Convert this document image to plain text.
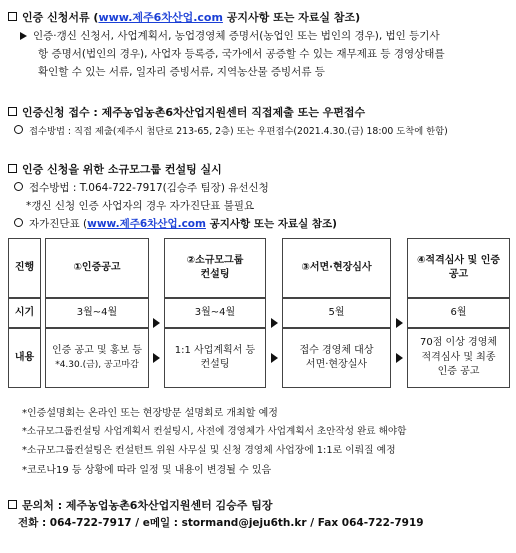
인증 신청서류 (www.제주6차산업.com 공지사항 또는 자료실 참조)
인증·갱신 신청서, 사업계획서, 농업경영체 증명서(농업인 또는 법인의 경우), 법인 등기사
항 증명서(법인의 경우), 사업자 등록증, 국가에서 공증할 수 있는 재무제표 등 경영상태를
확인할 수 있는 서류, 일자리 증빙서류, 지역농산물 증빙서류 등
인증신청 접수 : 제주농업농촌6차산업지원센터 직접제출 또는 우편접수
접수방법 : 직접 제출(제주시 첨단로 213-65, 2층) 또는 우편접수(2021.4.30.(금) 18:00 도착에 한함)
인증 신청을 위한 소규모그룹 컨설팅 실시
접수방법 : T.064-722-7917(김승주 팀장) 유선신청
*갱신 신청 인증 사업자의 경우 자가진단표 불필요
자가진단표 (www.제주6차산업.com 공지사항 또는 자료실 참조)
진행
시기
내용
①인증공고
3월~4월
인증 공고 및 홍보 등
*4.30.(금), 공고마감
②소규모그룹
컨설팅
3월~4월
1:1 사업계획서 등
컨설팅
③서면·현장심사
5월
접수 경영체 대상
서면·현장실사
④적격심사 및 인증
공고
6월
70점 이상 경영체
적격심사 및 최종
인증 공고
*인증설명회는 온라인 또는 현장방문 설명회로 개최할 예정
*소규모그룹컨설팅 사업계획서 컨설팅시, 사전에 경영체가 사업계획서 초안작성 완료 해야함
*소규모그룹컨설팅은 컨설턴트 위원 사무실 및 신청 경영체 사업장에 1:1로 이뤄질 예정
*코로나19 등 상황에 따라 일정 및 내용이 변경될 수 있음
문의처 : 제주농업농촌6차산업지원센터 김승주 팀장
전화 : 064-722-7917 / e메일 : stormand@jeju6th.kr / Fax 064-722-7919
